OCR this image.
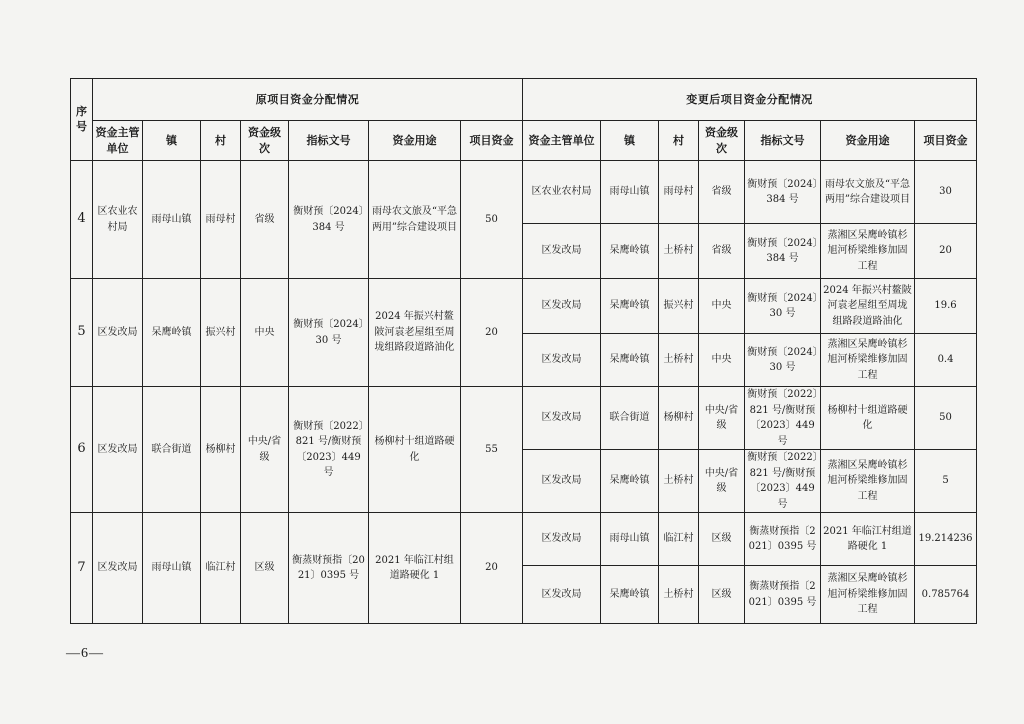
序号	原项目资金分配情况							变更后项目资金分配情况						
	资金主管单位	镇	村	资金级次	指标文号	资金用途	项目资金	资金主管单位	镇	村	资金级次	指标文号	资金用途	项目资金
4	区农业农村局	雨母山镇	雨母村	省级	衡财预〔2024〕384 号	雨母农文旅及“平急两用”综合建设项目	50	区农业农村局	雨母山镇	雨母村	省级	衡财预〔2024〕384 号	雨母农文旅及“平急两用”综合建设项目	30
								区发改局	呆鹰岭镇	土桥村	省级	衡财预〔2024〕384 号	蒸湘区呆鹰岭镇杉旭河桥梁维修加固工程	20
5	区发改局	呆鹰岭镇	振兴村	中央	衡财预〔2024〕30 号	2024 年振兴村鳌陂河袁老屋组至周垅组路段道路油化	20	区发改局	呆鹰岭镇	振兴村	中央	衡财预〔2024〕30 号	2024 年振兴村鳌陂河袁老屋组至周垅组路段道路油化	19.6
								区发改局	呆鹰岭镇	土桥村	中央	衡财预〔2024〕30 号	蒸湘区呆鹰岭镇杉旭河桥梁维修加固工程	0.4
6	区发改局	联合街道	杨柳村	中央/省级	衡财预〔2022〕821 号/衡财预〔2023〕449 号	杨柳村十组道路硬化	55	区发改局	联合街道	杨柳村	中央/省级	衡财预〔2022〕821 号/衡财预〔2023〕449 号	杨柳村十组道路硬化	50
								区发改局	呆鹰岭镇	土桥村	中央/省级	衡财预〔2022〕821 号/衡财预〔2023〕449 号	蒸湘区呆鹰岭镇杉旭河桥梁维修加固工程	5
7	区发改局	雨母山镇	临江村	区级	衡蒸财预指〔2021〕0395 号	2021 年临江村组道路硬化 1	20	区发改局	雨母山镇	临江村	区级	衡蒸财预指〔2021〕0395 号	2021 年临江村组道路硬化 1	19.214236
								区发改局	呆鹰岭镇	土桥村	区级	衡蒸财预指〔2021〕0395 号	蒸湘区呆鹰岭镇杉旭河桥梁维修加固工程	0.785764
—6—
